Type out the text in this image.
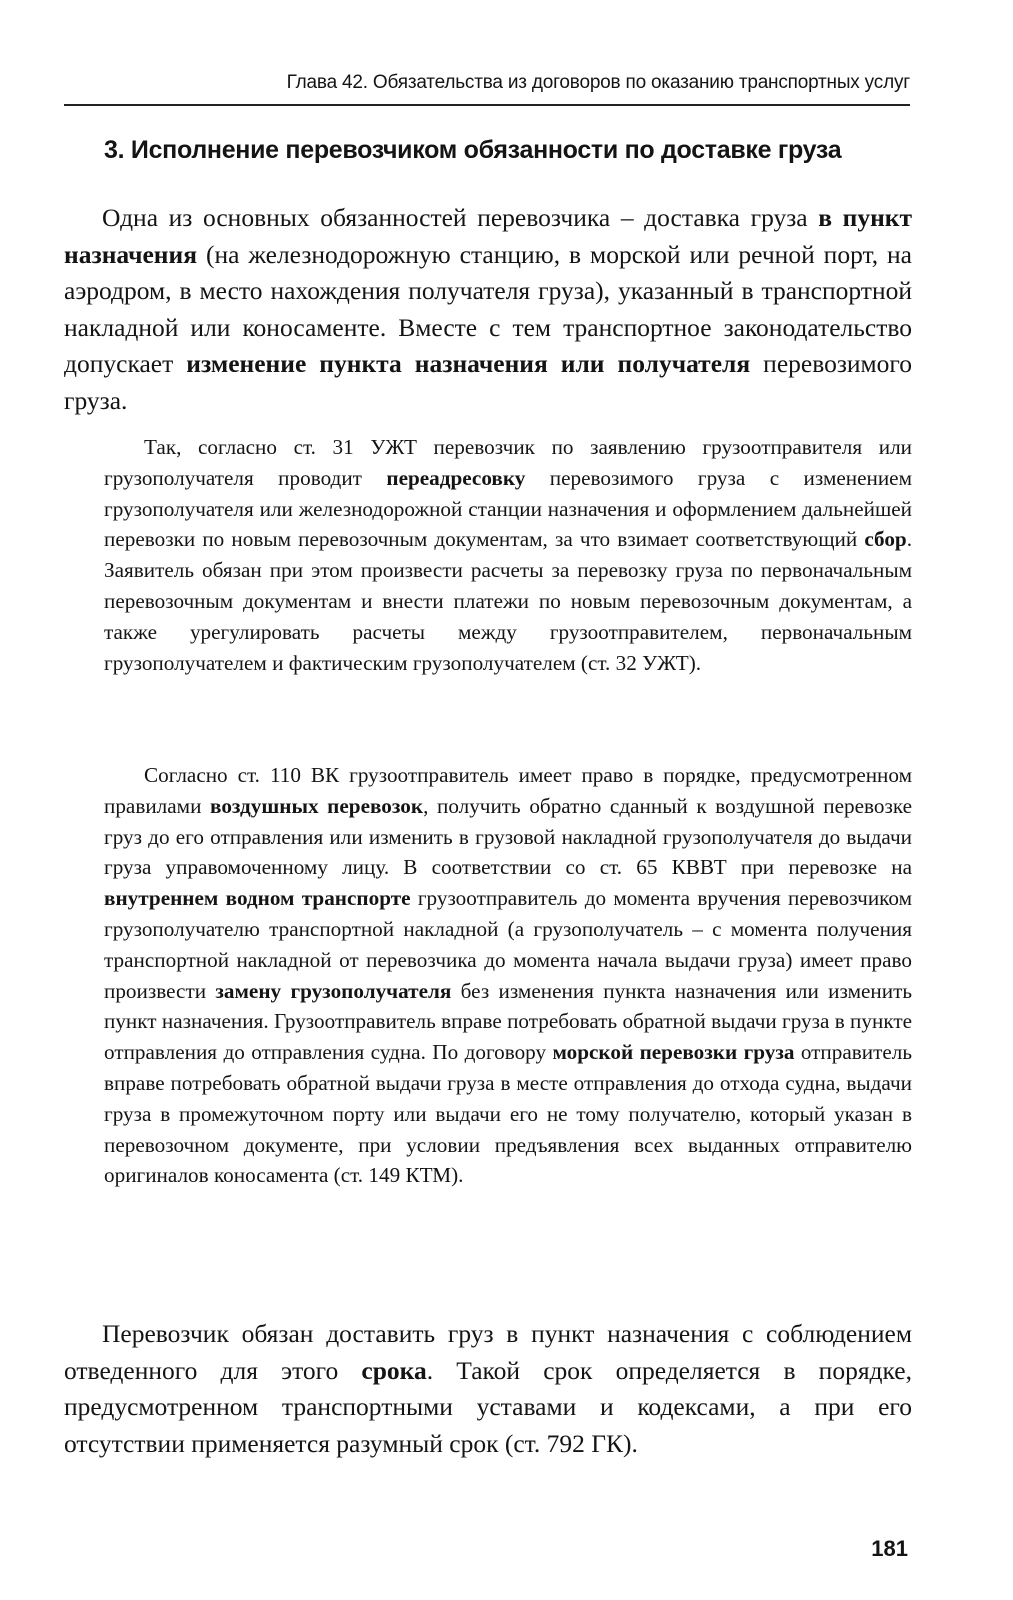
Глава 42. Обязательства из договоров по оказанию транспортных услуг
3. Исполнение перевозчиком обязанности по доставке груза

Одна из основных обязанностей перевозчика – доставка груза в пункт назначения (на железнодорожную станцию, в морской или речной порт, на аэродром, в место нахождения получателя груза), указанный в транспортной накладной или коносаменте. Вместе с тем транспортное законодательство допускает изменение пункта назначения или получателя перевозимого груза.

Так, согласно ст. 31 УЖТ перевозчик по заявлению грузоотправителя или грузополучателя проводит переадресовку перевозимого груза с изменением грузополучателя или железнодорожной станции назначения и оформлением дальнейшей перевозки по новым перевозочным документам, за что взимает соответствующий сбор. Заявитель обязан при этом произвести расчеты за перевозку груза по первоначальным перевозочным документам и внести платежи по новым перевозочным документам, а также урегулировать расчеты между грузоотправителем, первоначальным грузополучателем и фактическим грузополучателем (ст. 32 УЖТ).

Согласно ст. 110 ВК грузоотправитель имеет право в порядке, предусмотренном правилами воздушных перевозок, получить обратно сданный к воздушной перевозке груз до его отправления или изменить в грузовой накладной грузополучателя до выдачи груза управомоченному лицу. В соответствии со ст. 65 КВВТ при перевозке на внутреннем водном транспорте грузоотправитель до момента вручения перевозчиком грузополучателю транспортной накладной (а грузополучатель – с момента получения транспортной накладной от перевозчика до момента начала выдачи груза) имеет право произвести замену грузополучателя без изменения пункта назначения или изменить пункт назначения. Грузоотправитель вправе потребовать обратной выдачи груза в пункте отправления до отправления судна. По договору морской перевозки груза отправитель вправе потребовать обратной выдачи груза в месте отправления до отхода судна, выдачи груза в промежуточном порту или выдачи его не тому получателю, который указан в перевозочном документе, при условии предъявления всех выданных отправителю оригиналов коносамента (ст. 149 КТМ).

Перевозчик обязан доставить груз в пункт назначения с соблюдением отведенного для этого срока. Такой срок определяется в порядке, предусмотренном транспортными уставами и кодексами, а при его отсутствии применяется разумный срок (ст. 792 ГК).

181
